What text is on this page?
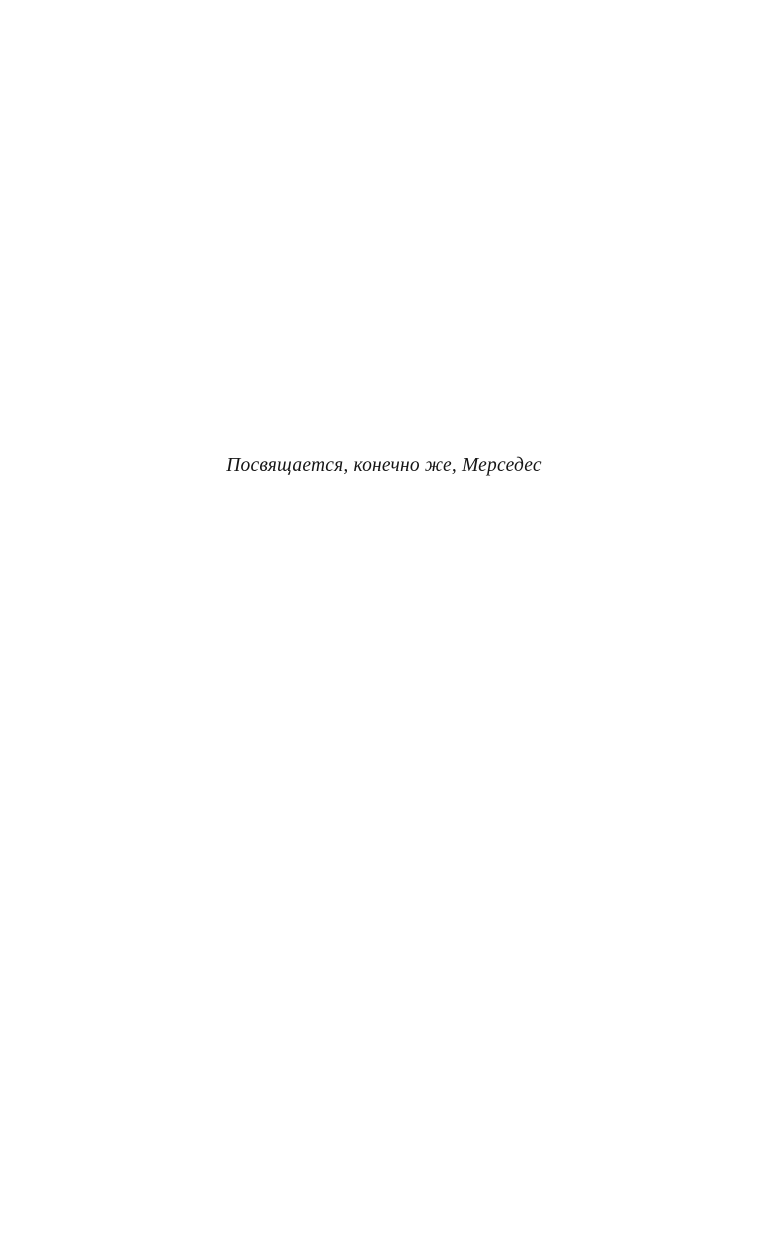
Посвящается, конечно же, Мерседес
